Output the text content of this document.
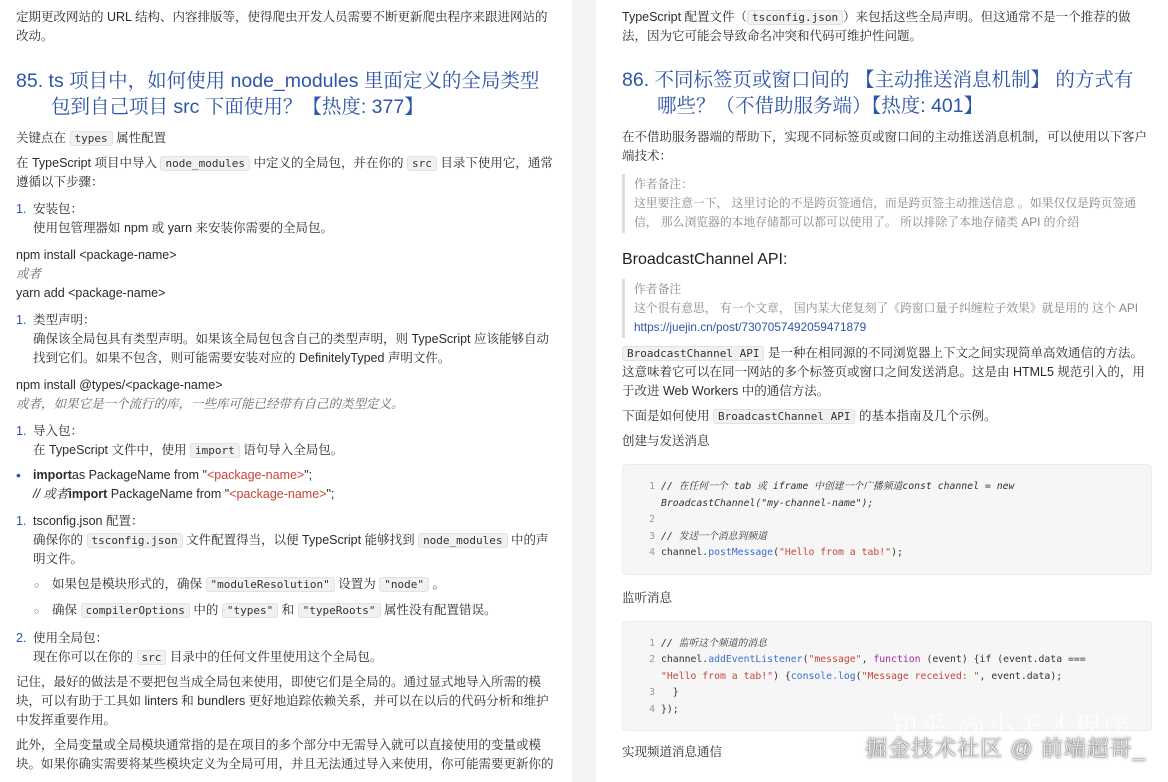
定期更改网站的 URL 结构、内容排版等，使得爬虫开发人员需要不断更新爬虫程序来跟进网站的改动。

85. ts 项目中，如何使用 node_modules 里面定义的全局类型包到自己项目 src 下面使用？【热度: 377】

关键点在 types 属性配置

在 TypeScript 项目中导入 node_modules 中定义的全局包，并在你的 src 目录下使用它，通常遵循以下步骤：

1. 安装包：
使用包管理器如 npm 或 yarn 来安装你需要的全局包。

npm install <package-name>

或者

yarn add <package-name>

1. 类型声明：
确保该全局包具有类型声明。如果该全局包包含自己的类型声明，则 TypeScript 应该能够自动找到它们。如果不包含，则可能需要安装对应的 DefinitelyTyped 声明文件。

npm install @types/<package-name>

或者，如果它是一个流行的库，一些库可能已经带有自己的类型定义。

1. 导入包：
在 TypeScript 文件中，使用 import 语句导入全局包。
• importas PackageName from "<package-name>";
// 或者import PackageName from "<package-name>";
1. tsconfig.json 配置：
确保你的 tsconfig.json 文件配置得当，以便 TypeScript 能够找到 node_modules 中的声明文件。
○	如果包是模块形式的，确保 "moduleResolution" 设置为 "node" 。
○	确保 compilerOptions 中的 "types" 和 "typeRoots" 属性没有配置错误。
2. 使用全局包：
现在你可以在你的 src 目录中的任何文件里使用这个全局包。

记住，最好的做法是不要把包当成全局包来使用，即使它们是全局的。通过显式地导入所需的模块，可以有助于工具如 linters 和 bundlers 更好地追踪依赖关系，并可以在以后的代码分析和维护中发挥重要作用。

此外，全局变量或全局模块通常指的是在项目的多个部分中无需导入就可以直接使用的变量或模块。如果你确实需要将某些模块定义为全局可用，并且无法通过导入来使用，你可能需要更新你的

TypeScript 配置文件（ tsconfig.json ）来包括这些全局声明。但这通常不是一个推荐的做法，因为它可能会导致命名冲突和代码可维护性问题。

86. 不同标签页或窗口间的 【主动推送消息机制】 的方式有哪些？（不借助服务端）【热度: 401】

在不借助服务器端的帮助下，实现不同标签页或窗口间的主动推送消息机制，可以使用以下客户端技术：

作者备注：
这里要注意一下， 这里讨论的不是跨页签通信，而是跨页签主动推送信息 。如果仅仅是跨页签通信， 那么浏览器的本地存储都可以都可以使用了。 所以排除了本地存储类 API 的介绍
BroadcastChannel API:
作者备注
这个很有意思， 有一个文章， 国内某大佬复刻了《跨窗口量子纠缠粒子效果》就是用的 这个 API
https://juejin.cn/post/7307057492059471879

BroadcastChannel API 是一种在相同源的不同浏览器上下文之间实现简单高效通信的方法。这意味着它可以在同一网站的多个标签页或窗口之间发送消息。这是由 HTML5 规范引入的，用于改进 Web Workers 中的通信方法。

下面是如何使用 BroadcastChannel API 的基本指南及几个示例。

创建与发送消息

1 // 在任何一个 tab 或 iframe 中创建一个广播频道const channel = new BroadcastChannel("my-channel-name");
2

3 // 发送一个消息到频道
4 channel.postMessage("Hello from a tab!");

监听消息

1 // 监听这个频道的消息
2 channel.addEventListener("message", function (event) {if (event.data ===
"Hello from a tab!") {console.log("Message received: ", event.data);
3 }
4 });

实现频道消息通信

知乎 @小天才程序
掘金技术社区 @ 前端超哥_
